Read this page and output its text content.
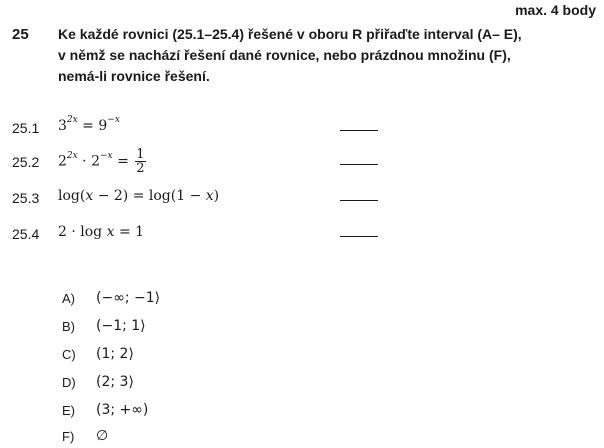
max. 4 body
25 Ke každé rovnici (25.1–25.4) řešené v oboru R přiřaďte interval (A– E),
v němž se nachází řešení dané rovnice, nebo prázdnou množinu (F),
nemá-li rovnice řešení.
25.1 $3^{2x} = 9^{-x}$
25.2 $2^{2x} \cdot 2^{-x} = \frac{1}{2}$
25.3 log(x − 2) = log(1 − x)
25.4 2 · log x = 1
A) (−∞; −1⟩
B) (−1; 1⟩
C) (1; 2⟩
D) (2; 3⟩
E) (3; +∞)
F) ∅
